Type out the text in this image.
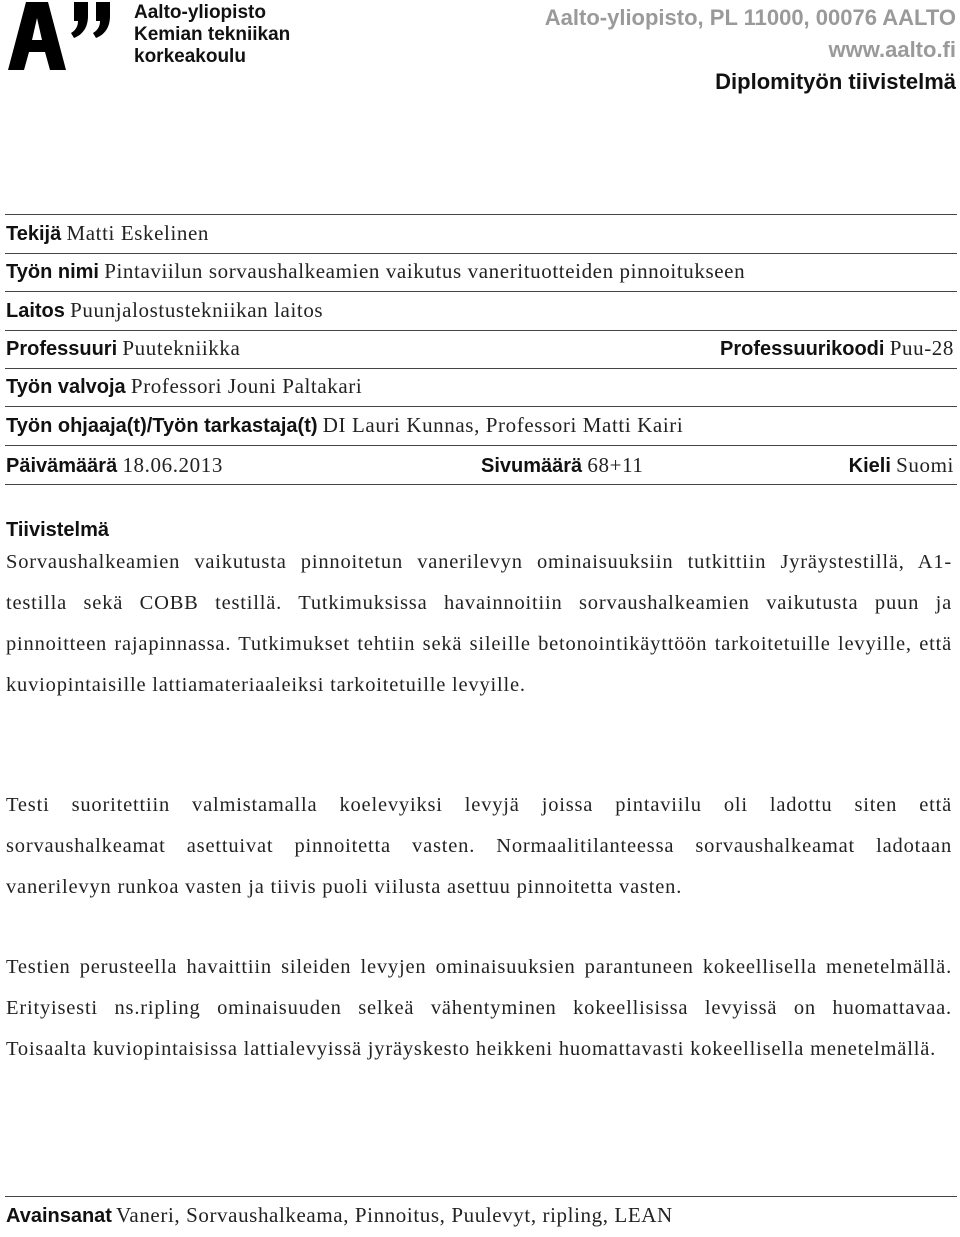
Aalto-yliopisto
Kemian tekniikan
korkeakoulu
Aalto-yliopisto, PL 11000, 00076 AALTO
www.aalto.fi
Diplomityön tiivistelmä
Tekijä Matti Eskelinen
Työn nimi Pintaviilun sorvaushalkeamien vaikutus vanerituotteiden pinnoitukseen
Laitos Puunjalostustekniikan laitos
Professuuri Puutekniikka	Professuurikoodi Puu-28
Työn valvoja Professori Jouni Paltakari
Työn ohjaaja(t)/Työn tarkastaja(t) DI Lauri Kunnas, Professori Matti Kairi
Päivämäärä 18.06.2013	Sivumäärä 68+11	Kieli Suomi
Tiivistelmä

Sorvaushalkeamien vaikutusta pinnoitetun vanerilevyn ominaisuuksiin tutkittiin Jyräystestillä, A1-testilla sekä COBB testillä. Tutkimuksissa havainnoitiin sorvaushalkeamien vaikutusta puun ja pinnoitteen rajapinnassa. Tutkimukset tehtiin sekä sileille betonointikäyttöön tarkoitetuille levyille, että kuviopintaisille lattiamateriaaleiksi tarkoitetuille levyille.

Testi suoritettiin valmistamalla koelevyiksi levyjä joissa pintaviilu oli ladottu siten että sorvaushalkeamat asettuivat pinnoitetta vasten. Normaalitilanteessa sorvaushalkeamat ladotaan vanerilevyn runkoa vasten ja tiivis puoli viilusta asettuu pinnoitetta vasten.

Testien perusteella havaittiin sileiden levyjen ominaisuuksien parantuneen kokeellisella menetelmällä. Erityisesti ns.ripling ominaisuuden selkeä vähentyminen kokeellisissa levyissä on huomattavaa. Toisaalta kuviopintaisissa lattialevyissä jyräyskesto heikkeni huomattavasti kokeellisella menetelmällä.

Avainsanat Vaneri, Sorvaushalkeama, Pinnoitus, Puulevyt, ripling, LEAN
